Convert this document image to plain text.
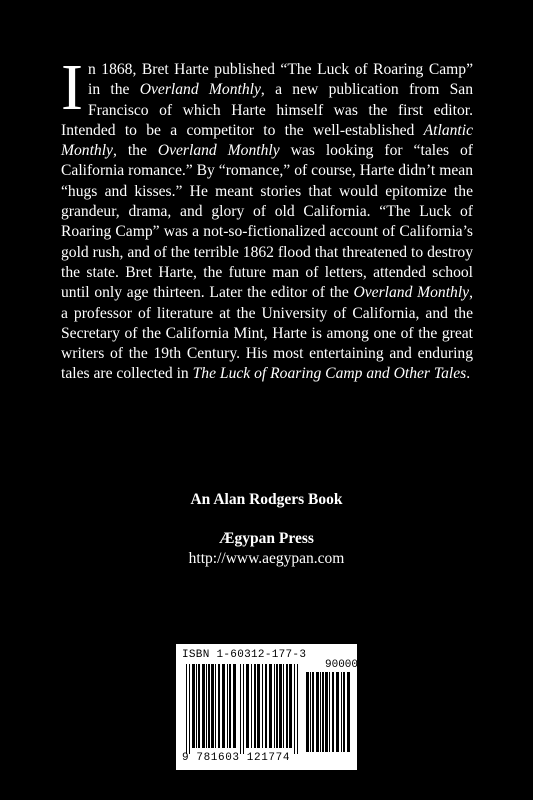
I n 1868, Bret Harte published “The Luck of Roaring Camp” in the Overland Monthly, a new publication from San Francisco of which Harte himself was the first editor. Intended to be a competitor to the well-established Atlantic Monthly, the Overland Monthly was looking for “tales of California romance.” By “romance,” of course, Harte didn’t mean “hugs and kisses.” He meant stories that would epitomize the grandeur, drama, and glory of old California. “The Luck of Roaring Camp” was a not-so-fictionalized account of California’s gold rush, and of the terrible 1862 flood that threatened to destroy the state. Bret Harte, the future man of letters, attended school until only age thirteen. Later the editor of the Overland Monthly, a professor of literature at the University of California, and the Secretary of the California Mint, Harte is among one of the great writers of the 19th Century. His most entertaining and enduring tales are collected in The Luck of Roaring Camp and Other Tales.

An Alan Rodgers Book
Ægypan Press
http://www.aegypan.com
ISBN 1-60312-177-3
90000
9 781603 121774
